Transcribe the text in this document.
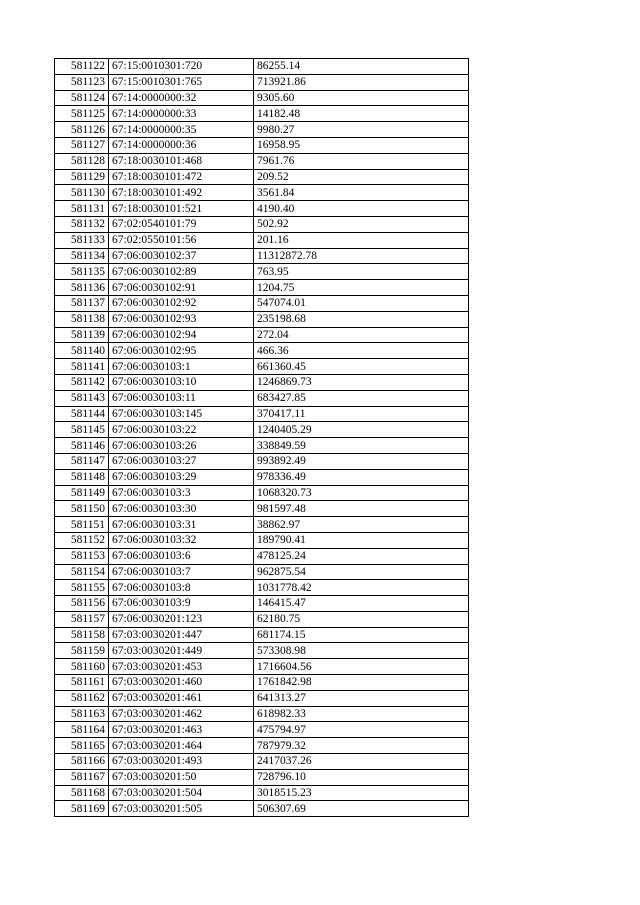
581122	67:15:0010301:720	86255.14
581123	67:15:0010301:765	713921.86
581124	67:14:0000000:32	9305.60
581125	67:14:0000000:33	14182.48
581126	67:14:0000000:35	9980.27
581127	67:14:0000000:36	16958.95
581128	67:18:0030101:468	7961.76
581129	67:18:0030101:472	209.52
581130	67:18:0030101:492	3561.84
581131	67:18:0030101:521	4190.40
581132	67:02:0540101:79	502.92
581133	67:02:0550101:56	201.16
581134	67:06:0030102:37	11312872.78
581135	67:06:0030102:89	763.95
581136	67:06:0030102:91	1204.75
581137	67:06:0030102:92	547074.01
581138	67:06:0030102:93	235198.68
581139	67:06:0030102:94	272.04
581140	67:06:0030102:95	466.36
581141	67:06:0030103:1	661360.45
581142	67:06:0030103:10	1246869.73
581143	67:06:0030103:11	683427.85
581144	67:06:0030103:145	370417.11
581145	67:06:0030103:22	1240405.29
581146	67:06:0030103:26	338849.59
581147	67:06:0030103:27	993892.49
581148	67:06:0030103:29	978336.49
581149	67:06:0030103:3	1068320.73
581150	67:06:0030103:30	981597.48
581151	67:06:0030103:31	38862.97
581152	67:06:0030103:32	189790.41
581153	67:06:0030103:6	478125.24
581154	67:06:0030103:7	962875.54
581155	67:06:0030103:8	1031778.42
581156	67:06:0030103:9	146415.47
581157	67:06:0030201:123	62180.75
581158	67:03:0030201:447	681174.15
581159	67:03:0030201:449	573308.98
581160	67:03:0030201:453	1716604.56
581161	67:03:0030201:460	1761842.98
581162	67:03:0030201:461	641313.27
581163	67:03:0030201:462	618982.33
581164	67:03:0030201:463	475794.97
581165	67:03:0030201:464	787979.32
581166	67:03:0030201:493	2417037.26
581167	67:03:0030201:50	728796.10
581168	67:03:0030201:504	3018515.23
581169	67:03:0030201:505	506307.69
